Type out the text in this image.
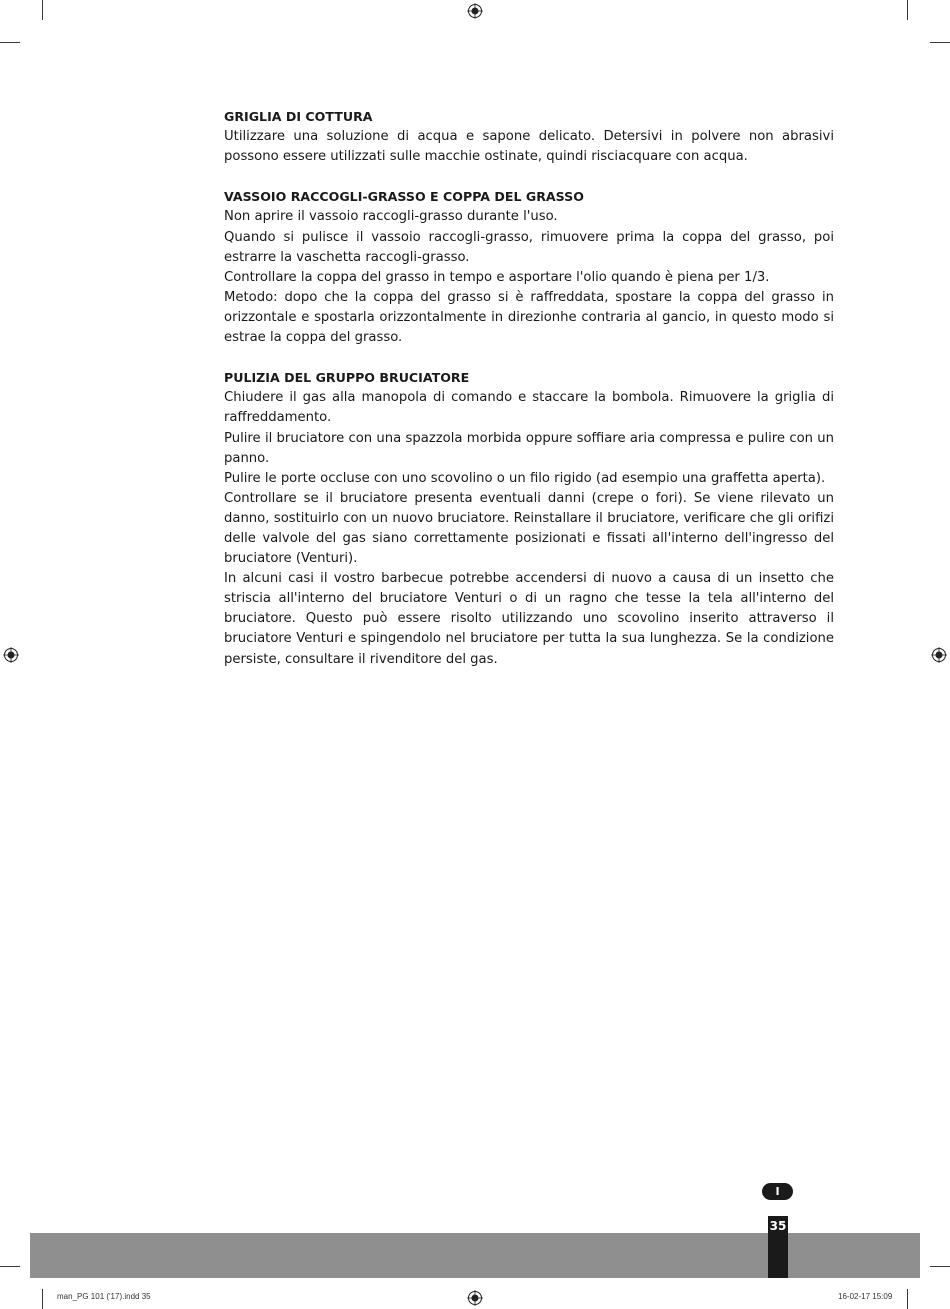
GRIGLIA DI COTTURA

Utilizzare una soluzione di acqua e sapone delicato. Detersivi in polvere non abrasivi possono essere utilizzati sulle macchie ostinate, quindi risciacquare con acqua.

VASSOIO RACCOGLI-GRASSO E COPPA DEL GRASSO

Non aprire il vassoio raccogli-grasso durante l'uso.

Quando si pulisce il vassoio raccogli-grasso, rimuovere prima la coppa del grasso, poi estrarre la vaschetta raccogli-grasso.

Controllare la coppa del grasso in tempo e asportare l'olio quando è piena per 1/3.

Metodo: dopo che la coppa del grasso si è raffreddata, spostare la coppa del grasso in orizzontale e spostarla orizzontalmente in direzionhe contraria al gancio, in questo modo si estrae la coppa del grasso.

PULIZIA DEL GRUPPO BRUCIATORE

Chiudere il gas alla manopola di comando e staccare la bombola. Rimuovere la griglia di raffreddamento.

Pulire il bruciatore con una spazzola morbida oppure soffiare aria compressa e pulire con un panno.

Pulire le porte occluse con uno scovolino o un filo rigido (ad esempio una graffetta aperta).

Controllare se il bruciatore presenta eventuali danni (crepe o fori). Se viene rilevato un danno, sostituirlo con un nuovo bruciatore. Reinstallare il bruciatore, verificare che gli orifizi delle valvole del gas siano correttamente posizionati e fissati all'interno dell'ingresso del bruciatore (Venturi).

In alcuni casi il vostro barbecue potrebbe accendersi di nuovo a causa di un insetto che striscia all'interno del bruciatore Venturi o di un ragno che tesse la tela all'interno del bruciatore. Questo può essere risolto utilizzando uno scovolino inserito attraverso il bruciatore Venturi e spingendolo nel bruciatore per tutta la sua lunghezza. Se la condizione persiste, consultare il rivenditore del gas.

I
35
man_PG 101 ('17).indd 35	16-02-17 15:09
